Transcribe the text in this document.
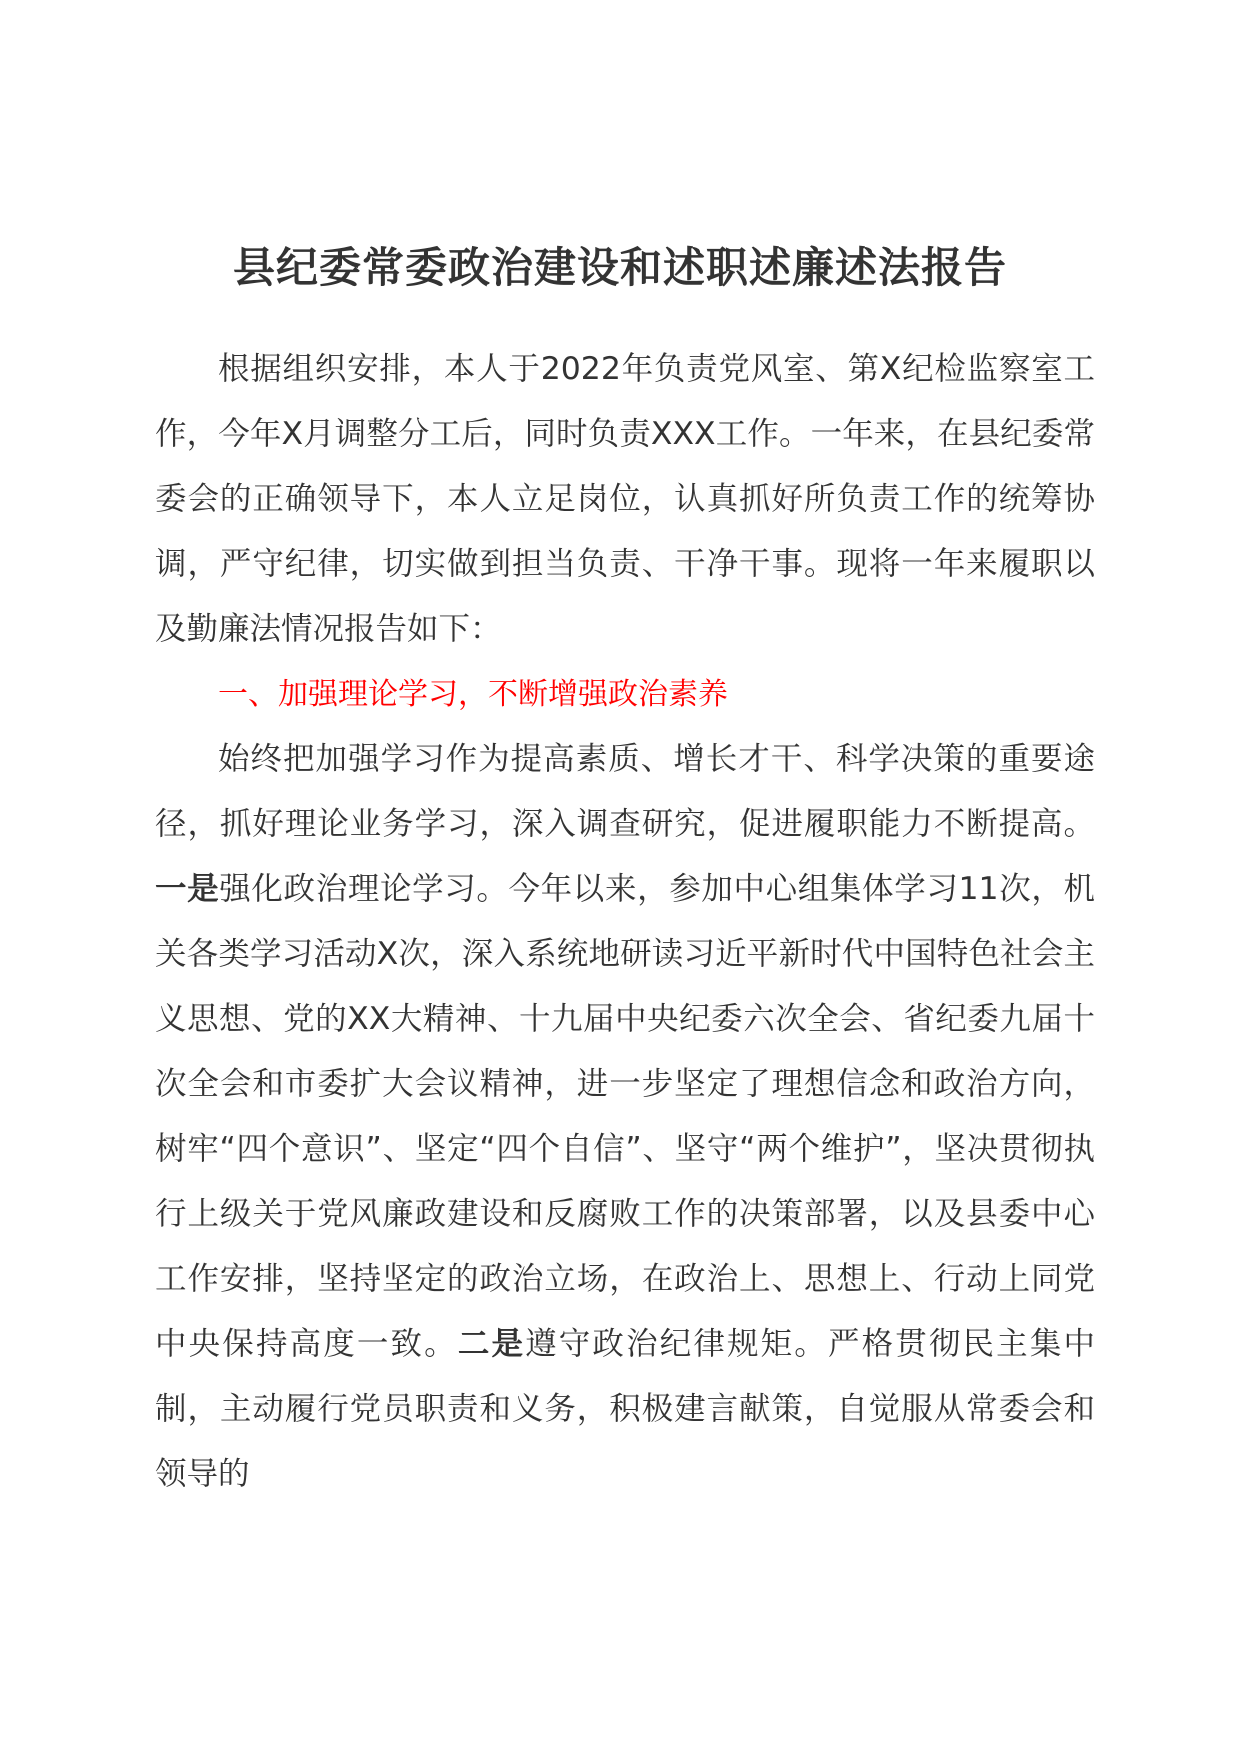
县纪委常委政治建设和述职述廉述法报告

根据组织安排，本人于2022年负责党风室、第X纪检监察室工作，今年X月调整分工后，同时负责XXX工作。一年来，在县纪委常委会的正确领导下，本人立足岗位，认真抓好所负责工作的统筹协调，严守纪律，切实做到担当负责、干净干事。现将一年来履职以及勤廉法情况报告如下：

一、加强理论学习，不断增强政治素养

始终把加强学习作为提高素质、增长才干、科学决策的重要途径，抓好理论业务学习，深入调查研究，促进履职能力不断提高。一是强化政治理论学习。今年以来，参加中心组集体学习11次，机关各类学习活动X次，深入系统地研读习近平新时代中国特色社会主义思想、党的XX大精神、十九届中央纪委六次全会、省纪委九届十次全会和市委扩大会议精神，进一步坚定了理想信念和政治方向，树牢“四个意识”、坚定“四个自信”、坚守“两个维护”，坚决贯彻执行上级关于党风廉政建设和反腐败工作的决策部署，以及县委中心工作安排，坚持坚定的政治立场，在政治上、思想上、行动上同党中央保持高度一致。二是遵守政治纪律规矩。严格贯彻民主集中制，主动履行党员职责和义务，积极建言献策，自觉服从常委会和领导的
